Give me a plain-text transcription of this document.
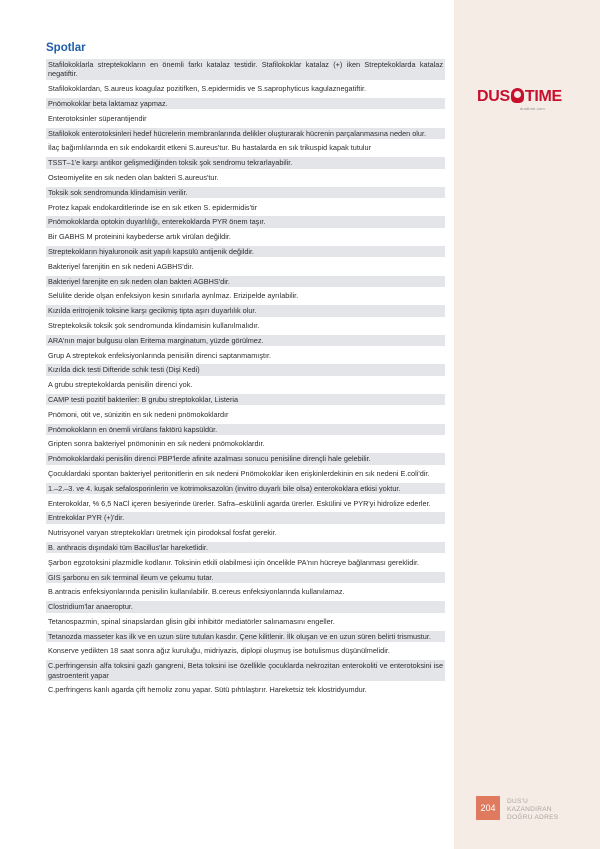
DUS TIME
dustime.com
Spotlar
Stafilokoklarla streptekokların en önemli farkı katalaz testidir. Stafilokoklar katalaz (+) iken Streptekoklarda katalaz negatiftir.
Stafilokoklardan, S.aureus koagulaz pozitifken, S.epidermidis ve S.saprophyticus kagulaznegatiftir.
Pnömokoklar beta laktamaz yapmaz.
Enterotoksinler süperantijendir
Stafilokok enterotoksinleri hedef hücrelerin membranlarında delikler oluşturarak hücrenin parçalanmasına neden olur.
İlaç bağımlılarında en sık endokardit etkeni S.aureus'tur. Bu hastalarda en sık trikuspid kapak tutulur
TSST–1'e karşı antikor gelişmediğinden toksik şok sendromu tekrarlayabilir.
Osteomiyelite en sık neden olan bakteri S.aureus'tur.
Toksik sok sendromunda klindamisin verilir.
Protez kapak endokarditlerinde ise en sık etken S. epidermidis'tir
Pnömokoklarda optokin duyarlılığı, enterekoklarda PYR önem taşır.
Bir GABHS M proteinini kaybederse artık virülan değildir.
Streptekokların hiyaluronoik asit yapılı kapsülü antijenik değildir.
Bakteriyel farenjitin en sık nedeni AGBHS'dir.
Bakteriyel farenjite en sık neden olan bakteri AGBHS'dir.
Selülite deride olşan enfeksiyon kesin sınırlarla ayrılmaz. Erizipelde ayrılabilir.
Kızılda eritrojenik toksine karşı gecikmiş tipta aşırı duyarlılık olur.
Streptekoksik toksik şok sendromunda klindamisin kullanılmalıdır.
ARA'nın major bulgusu olan Eritema marginatum, yüzde görülmez.
Grup A streptekok enfeksiyonlarında penisilin direnci saptanmamıştır.
Kızılda dick testi Difteride schik testi (Dişi Kedi)
A grubu streptekoklarda penisilin direnci yok.
CAMP testi pozitif bakteriler: B grubu streptokoklar, Listeria
Pnömoni, otit ve, sünizitin en sık nedeni pnömokoklardır
Pnömokokların en önemli virülans faktörü kapsüldür.
Gripten sonra bakteriyel pnömoninin en sık nedeni pnömokoklardır.
Pnömokoklardaki penisilin direnci PBP'lerde afinite azalması sonucu penisiline dirençli hale gelebilir.
Çocuklardaki spontan bakteriyel peritonitlerin en sık nedeni Pnömokoklar iken erişkinlerdekinin en sık nedeni E.coli'dir.
1.–2.–3. ve 4. kuşak sefalosporinlerin ve kotrimoksazolün (invitro duyarlı bile olsa) enterokoklara etkisi yoktur.
Enterokoklar, % 6,5 NaCl içeren besiyerinde ürerler. Safra–eskülinli agarda ürerler. Eskülini ve PYR'yi hidrolize ederler.
Entrekoklar PYR (+)'dir.
Nutrisyonel varyan streptekokları üretmek için pirodoksal fosfat gerekir.
B. anthracis dışındaki tüm Bacillus'lar hareketlidir.
Şarbon egzotoksini plazmidle kodlanır. Toksinin etkili olabilmesi için öncelikle PA'nın hücreye bağlanması gereklidir.
GIS şarbonu en sık terminal ileum ve çekumu tutar.
B.antracis enfeksiyonlarında penisilin kullanılabilir. B.cereus enfeksiyonlarında kullanılamaz.
Clostridium'lar anaeroptur.
Tetanospazmin, spinal sinapslardan glisin gibi inhibitör mediatörler salınamasını engeller.
Tetanozda masseter kas ilk ve en uzun süre tutulan kasdır. Çene kilitlenir. İlk oluşan ve en uzun süren belirti trismustur.
Konserve yedikten 18 saat sonra ağız kuruluğu, midriyazis, diplopi oluşmuş ise botulismus düşünülmelidir.
C.perfringensin alfa toksini gazlı gangreni, Beta toksini ise özellikle çocuklarda nekrozitan enterokoliti ve enterotoksini ise gastroenterit yapar
C.perfringens kanlı agarda çift hemoliz zonu yapar. Sütü pıhtılaştırır. Hareketsiz tek klostridyumdur.
204
DUS'U
KAZANDIRAN
DOĞRU ADRES
